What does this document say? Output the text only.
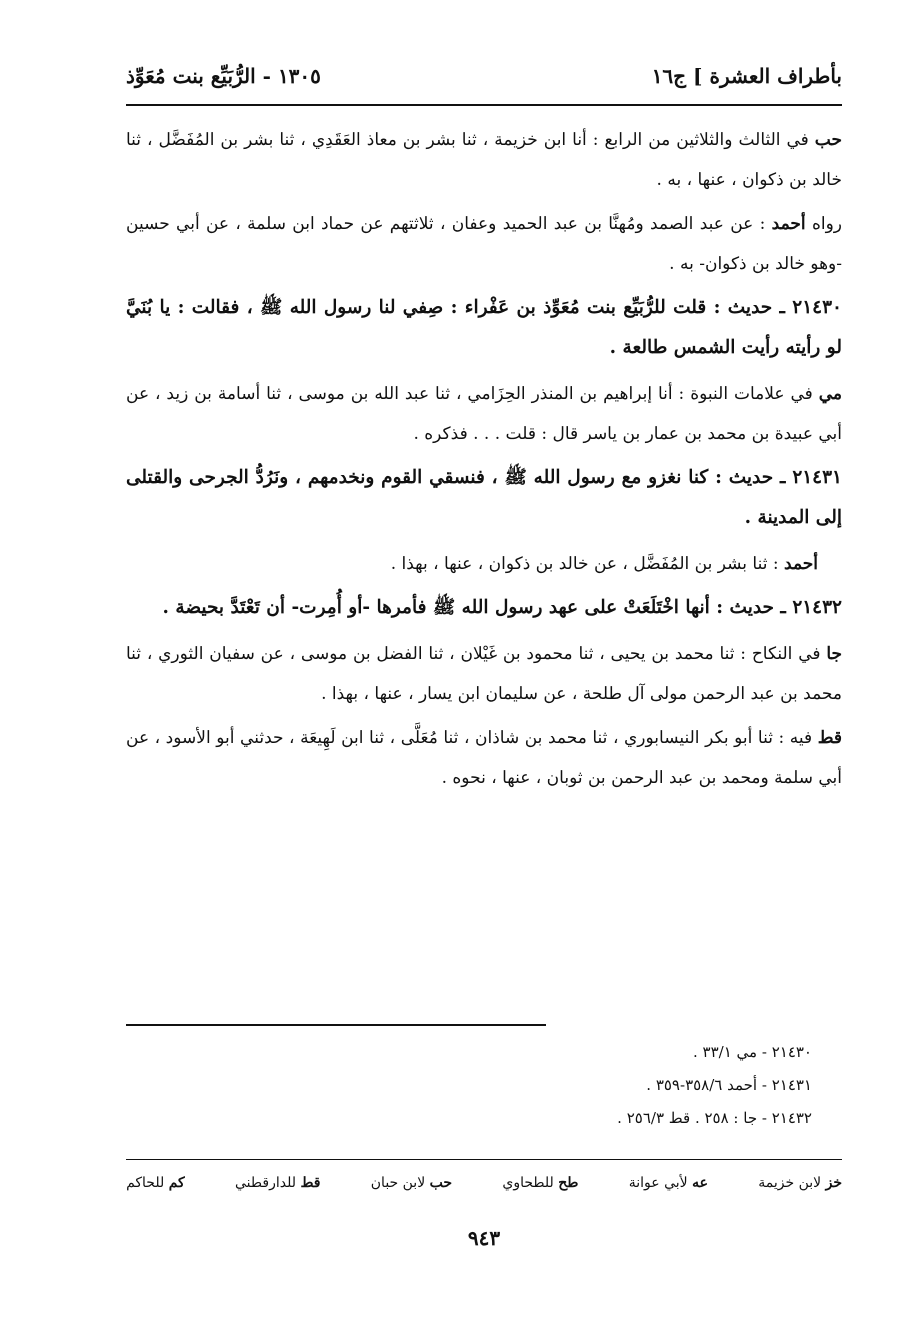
بأطراف العشرة ] ج١٦
١٣٠٥ - الرُّبَيِّع بنت مُعَوِّذ

حب في الثالث والثلاثين من الرابع : أنا ابن خزيمة ، ثنا بشر بن معاذ العَقَدِي ، ثنا بشر بن المُفَضَّل ، ثنا خالد بن ذكوان ، عنها ، به .

رواه أحمد : عن عبد الصمد ومُهنَّا بن عبد الحميد وعفان ، ثلاثتهم عن حماد ابن سلمة ، عن أبي حسين -وهو خالد بن ذكوان- به .

٢١٤٣٠ ـ حديث : قلت للرُّبَيِّع بنت مُعَوِّذ بن عَفْراء : صِفي لنا رسول الله ﷺ ، فقالت : يا بُنَيَّ لو رأيته رأيت الشمس طالعة .

مي في علامات النبوة : أنا إبراهيم بن المنذر الحِزَامي ، ثنا عبد الله بن موسى ، ثنا أسامة بن زيد ، عن أبي عبيدة بن محمد بن عمار بن ياسر قال : قلت . . . فذكره .

٢١٤٣١ ـ حديث : كنا نغزو مع رسول الله ﷺ ، فنسقي القوم ونخدمهم ، ونَرُدُّ الجرحى والقتلى إلى المدينة .

أحمد : ثنا بشر بن المُفَضَّل ، عن خالد بن ذكوان ، عنها ، بهذا .

٢١٤٣٢ ـ حديث : أنها اخْتَلَعَتْ على عهد رسول الله ﷺ فأمرها -أو أُمِرت- أن تَعْتَدَّ بحيضة .

جا في النكاح : ثنا محمد بن يحيى ، ثنا محمود بن غَيْلان ، ثنا الفضل بن موسى ، عن سفيان الثوري ، ثنا محمد بن عبد الرحمن مولى آل طلحة ، عن سليمان ابن يسار ، عنها ، بهذا .

قط فيه : ثنا أبو بكر النيسابوري ، ثنا محمد بن شاذان ، ثنا مُعَلَّى ، ثنا ابن لَهِيعَة ، حدثني أبو الأسود ، عن أبي سلمة ومحمد بن عبد الرحمن بن ثوبان ، عنها ، نحوه .

٢١٤٣٠ - مي ٣٣/١ .

٢١٤٣١ - أحمد ٣٥٨/٦-٣٥٩ .

٢١٤٣٢ - جا : ٢٥٨ . قط ٢٥٦/٣ .

خز لابن خزيمة
عه لأبي عوانة
طح للطحاوي
حب لابن حبان
قط للدارقطني
كم للحاكم
٩٤٣
